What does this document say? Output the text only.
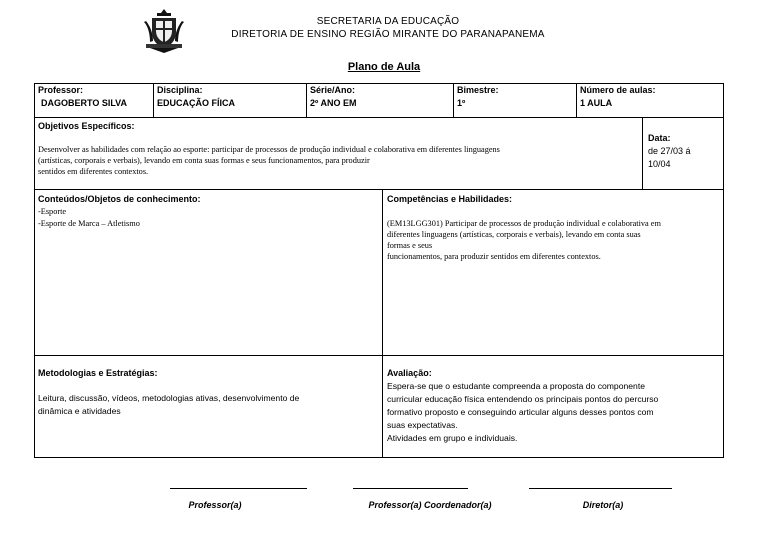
SECRETARIA DA EDUCAÇÃO
DIRETORIA DE ENSINO REGIÃO MIRANTE DO PARANAPANEMA
Plano de Aula
Professor:
DAGOBERTO SILVA
Disciplina:
EDUCAÇÃO FÍICA
Série/Ano:
2º ANO EM
Bimestre:
1º
Número de aulas:
1 AULA
Objetivos Específicos:
Desenvolver as habilidades com relação ao esporte: participar de processos de produção individual e colaborativa em diferentes linguagens
(artísticas, corporais e verbais), levando em conta suas formas e seus funcionamentos, para produzir
sentidos em diferentes contextos.
Data:
de 27/03 á
10/04
Conteúdos/Objetos de conhecimento:
-Esporte
-Esporte de Marca – Atletismo
Competências e Habilidades:
(EM13LGG301) Participar de processos de produção individual e colaborativa em
diferentes linguagens (artísticas, corporais e verbais), levando em conta suas
formas e seus
funcionamentos, para produzir sentidos em diferentes contextos.
Metodologias e Estratégias:
Leitura, discussão, vídeos, metodologias ativas, desenvolvimento de
dinâmica e atividades
Avaliação:
Espera-se que o estudante compreenda a proposta do componente
curricular educação física entendendo os principais pontos do percurso
formativo proposto e conseguindo articular alguns desses pontos com
suas expectativas.
Atividades em grupo e individuais.
Professor(a)	Professor(a) Coordenador(a)	Diretor(a)
